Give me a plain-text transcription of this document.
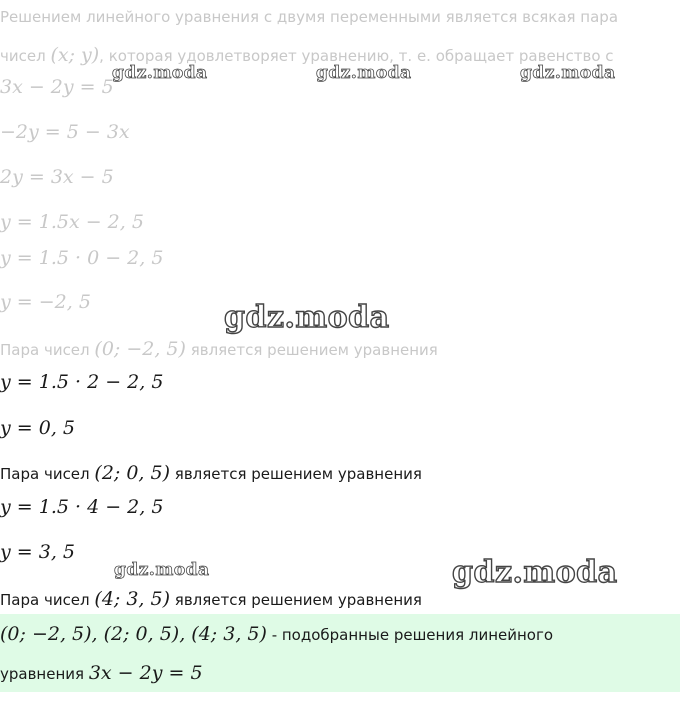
Решением линейного уравнения с двумя переменными является всякая пара
чисел (x; y), которая удовлетворяет уравнению, т. е. обращает равенство с
3x − 2y = 5
−2y = 5 − 3x
2y = 3x − 5
y = 1.5x − 2, 5
y = 1.5 · 0 − 2, 5
y = −2, 5
Пара чисел (0; −2, 5) является решением уравнения
y = 1.5 · 2 − 2, 5
y = 0, 5
Пара чисел (2; 0, 5) является решением уравнения
y = 1.5 · 4 − 2, 5
y = 3, 5
Пара чисел (4; 3, 5) является решением уравнения
(0; −2, 5), (2; 0, 5), (4; 3, 5) - подобранные решения линейного
уравнения 3x − 2y = 5
gdz.moda	gdz.moda	gdz.moda
gdz.moda
gdz.moda	gdz.moda
